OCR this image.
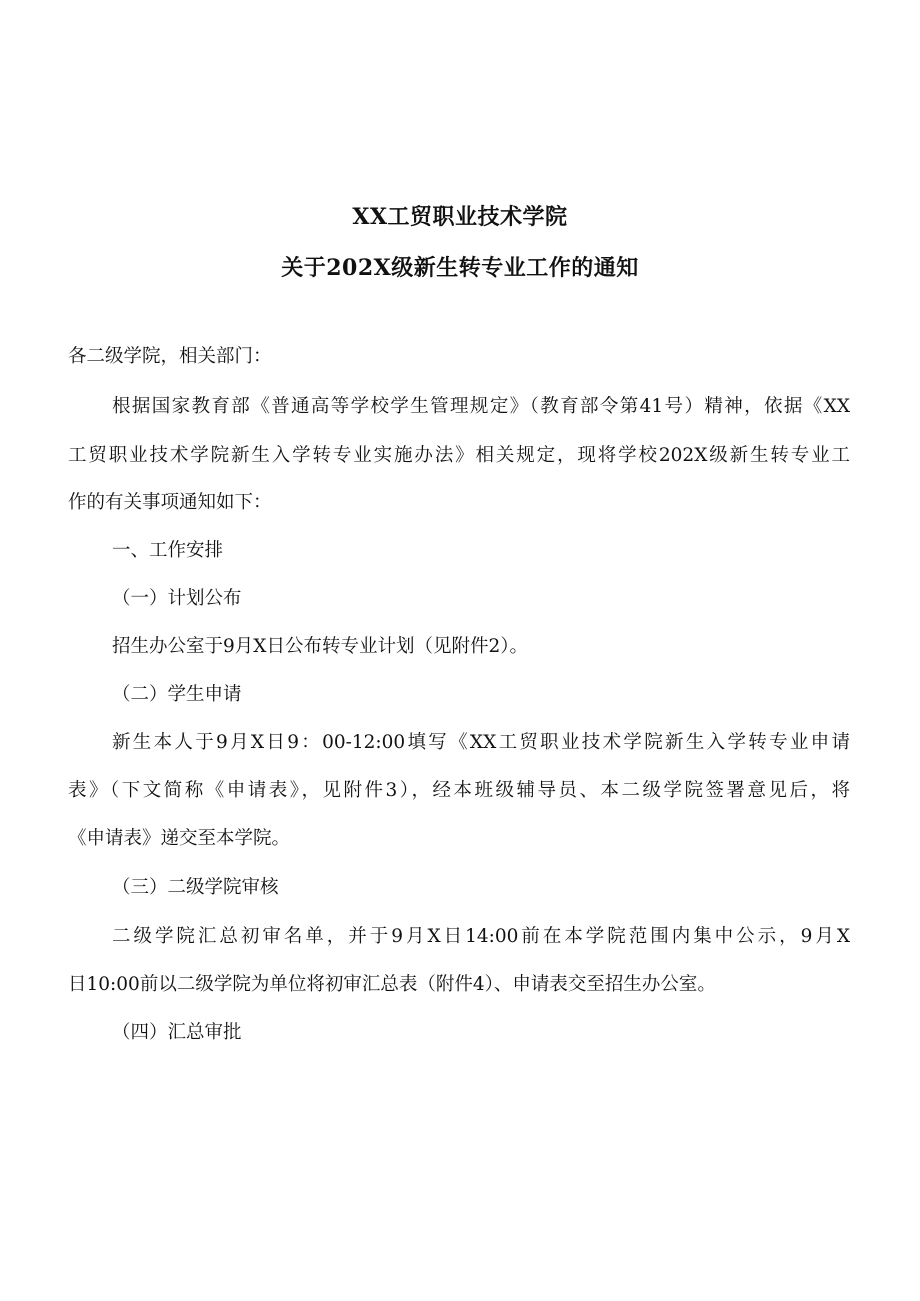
XX工贸职业技术学院
关于202X级新生转专业工作的通知
各二级学院，相关部门：
根据国家教育部《普通高等学校学生管理规定》（教育部令第41号）精神，依据《XX
工贸职业技术学院新生入学转专业实施办法》相关规定，现将学校202X级新生转专业工
作的有关事项通知如下：
一、工作安排
（一）计划公布
招生办公室于9月X日公布转专业计划（见附件2）。
（二）学生申请
新生本人于9月X日9：00-12:00填写《XX工贸职业技术学院新生入学转专业申请
表》（下文简称《申请表》，见附件3），经本班级辅导员、本二级学院签署意见后，将
《申请表》递交至本学院。
（三）二级学院审核
二级学院汇总初审名单，并于9月X日14:00前在本学院范围内集中公示，9月X
日10:00前以二级学院为单位将初审汇总表（附件4）、申请表交至招生办公室。
（四）汇总审批
